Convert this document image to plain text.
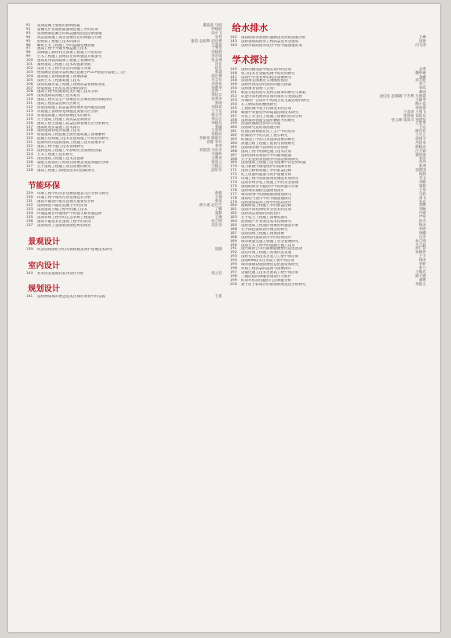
91	浅谈混凝土强度的影响因素	董晶晶 马丽
92	管棚支护在地铁隧道暗挖施工中的应用	罗晓波
93	浅谈钢筋混凝土结构裂缝成因及控制措施	周小飞
94	高层建筑施工项目管理存在的问题与对策	吴昊
95	论桥梁工程施工技术的探讨	夏浩 包裕辉 赵佳俊
96	解析土木工程施工中的裂缝处理措施	王春伟
97	建筑工程中外墙外保温施工技术	丁秀龙
98	园林施工新材料在园林工程施工中的应用	吴晓莉
99	土木工程施工管理存在的问题及对策探究	李宏明
100	建筑室内装饰装修工程施工管理研究	张金城
101	简析建筑工程施工技术的创新发展	迟佳
102	浅谈土木工程中存在的问题与对策	赵友
103	使用满足管道安装机械在混凝土PCCP管道安装施工工法	张超
104	建筑施工管理创新施工管理探索	胡正俊
105	浅析土木工程建筑施工技术	马文东
106	浅谈电梯安装工程施工现场质量管理标准化	乔进伟
107	房屋建筑土的压实度控制的探讨	李建华
108	建筑工程中的深基坑支护施工技术分析	孟庆一
109	浅谈建筑装饰施工技术要点	李桂芬
110	建筑工程安全生产管理及安全事故预防策略探讨	刘秀华
111	建筑工程质量控制方法研究	张明
112	房屋建筑施工质量监督管理常见问题及措施	刘林祥
113	市政施工管理常见问题及加强方法分析	王力龙
114	房屋建筑施工现场管理技术的研究	杨文杰
115	关于建筑工程施工的质量控制探讨	李会会
116	建筑工程土建施工质量控制管理方法分析研究	李晓东
117	建筑机电安装施工技术探讨	张阔
118	浅析建筑机电安装施工技术	王金凤
119	房屋建筑工程混凝土除些建筑施工管理解析	朱晓东
120	混凝土结构施工技术在建筑施工中的应用研究	李新伟 陈振宏
121	论如何有效提高建筑工程施工技术管理水平	乔橙 李东
122	建筑工程中施工技术管理研究	李华
123	浅析建筑工程施工中影响安全管理的因素	刘国进 马东洋
124	土木工程施工技术研究	马瑞岭
125	浅议建筑工程施工技术及创新	文俊英
126	装配式建筑的工程项目管理及发展问题的分析	张爱云
127	关于建筑工程施工项目管理的研究	王晓云
128	建筑工程施工管理及技术的创新探究	邵东东
节能环保
129	环保工程中的污水处理措施及方法分析与研究	张鹤
130	环境工程中城市污水处理技术分析	王娟
131	建筑节能设计要点及相关重要性分析	张伟
132	浅析绿色节能在混凝土中的应用	颜小建 赵巧芝
133	浅谈建筑节能工程中的施工技术	丁鹏
134	环境监测在环境保护中的意义和发展趋势	周静
135	浅谈水利工程中的生态水利工程建设	王涵
136	建筑节能技术在建筑工程中的应用	孙立明
137	浅谈城市工业固废资源化利用现状	刘宏伟
景观设计
139	风景园林绿化中的大树移栽及养护管理技术研究	胡康
室内设计
140	美术馆类建筑的室内设计分析	张云信
规划设计
141	浅析海绵城市理念及其在城市规划中的实践	王欢
给水排水
142	建筑给排水系统的通病及其预防措施分析	王峰
143	浅析建筑给排水工程质量及安全建筑	邱琼
144	浅析市政给排水设计中的节能措施应用	闫飞涛
学术探讨
145	浅析动画电影中镜头设计的应用	金爽
146	电力技术在智能电网中的应用研究	魏军峰
147	浅谈中小型水库的防洪管理研究	高峰
148	浅谈养生图案在人物画的运用	项卫联
149	浅析民营经济的现状问题与探索	李兰
150	浅析财务管理《卫易》	李鸣
151	职业学院机电专业教学改革的研究与探索	黄尚
152	试论计算机教育应用的现状与发展趋势	庞佳佳 赵娜娜 宁冬利 左艳霞
153	对网络广告设计中传统文化元素运用的研究	王朝华
154	木工钢结构的聚焦研究	陶士春
155	工程机械中电子控制技术的应用	李伟强
156	柴油中采暴型冷却装置控制技术研究	王春青 王国飞
157	对化工安全在工程施工管理的应用分析	张国荣 刘伟东
158	浅析城市轨道交通车辆防火的研究	张立峰 梁凤平 李建军
159	冶金机械液压传动与安装	王兆琴
160	浅谈研究及防治措施分析	王沁
161	仪表控制系统在化工生产中的应用	陈宜仲
162	机械设计中的人机工程学研究	王天立
163	机械加工中的刀具选择及使用研究	张国平
164	高速公路工程施工建设与管理研究	吕桂华
165	浅谈城市燃气管网的安全管理	颜晓亮
166	建筑工程中的绿色施工技术应用	汪天颖
167	浅析园林景观设计中的植物配置	聂思源
168	关于企业财务管理中内部控制的研究	李雪
169	浅谈建筑工程施工技术管理中存在的问题	冯丹
170	电力系统中继电保护的故障分析	张涛
171	浅析公路桥梁施工中的质量控制	邹建国
172	化工设备的腐蚀与防护措施分析	杨晨
173	环境工程中固体废物处理技术的研究	乔玉
174	浅谈水利水电工程施工中的安全管理	刘敏
175	建筑给排水节能设计中的问题与对策	周磊
176	浅析城市道路交通规划设计	王伟
177	城市规划中的绿地系统规划研究	马莉
178	建筑电气设计中的节能措施探讨	高飞
179	浅析建筑装饰工程中的色彩设计	宋佳
180	道路桥梁工程施工中的质量控制	邓辉
181	浅谈计算机网络安全技术的应用	刘畅
182	浅析高层建筑的消防设计	许强
183	关于电力工程施工管理的探讨	严军
184	论房地产开发项目成本控制研究	彭杰
185	浅析建筑工程造价管理的问题及对策	韩冰
186	关于绿色建筑设计理念的研究	李婷
187	浅谈园林工程施工现场管理	徐璐
188	浅析现代建筑设计中的结构设计	汪洋
189	城市轨道交通工程施工安全管理研究	孙立明
190	浅谈土木工程中的混凝土施工技术	马立新
191	提升政府公共行政职能流程信息化建设	孙仁智
192	浅议环境工程施工的现状及发展	孙晓伶
193	浅析无人机技术在电力工程中的应用	王宇
194	浅谈BIM技术在市政工程中的应用	韩沐
195	城市基础设施管理信息化建设的研究	李梦
196	市政工程质量的监督与管理探讨	张力
197	智能化施工技术在建筑工程中的应用	王明浩
198	三级医院的绿地景观设计与维护	陈天媛
199	机动车机动性能的几点问题分析	黄辉
200	基于粒子群算法的系统系统受控分析研究	李振文
